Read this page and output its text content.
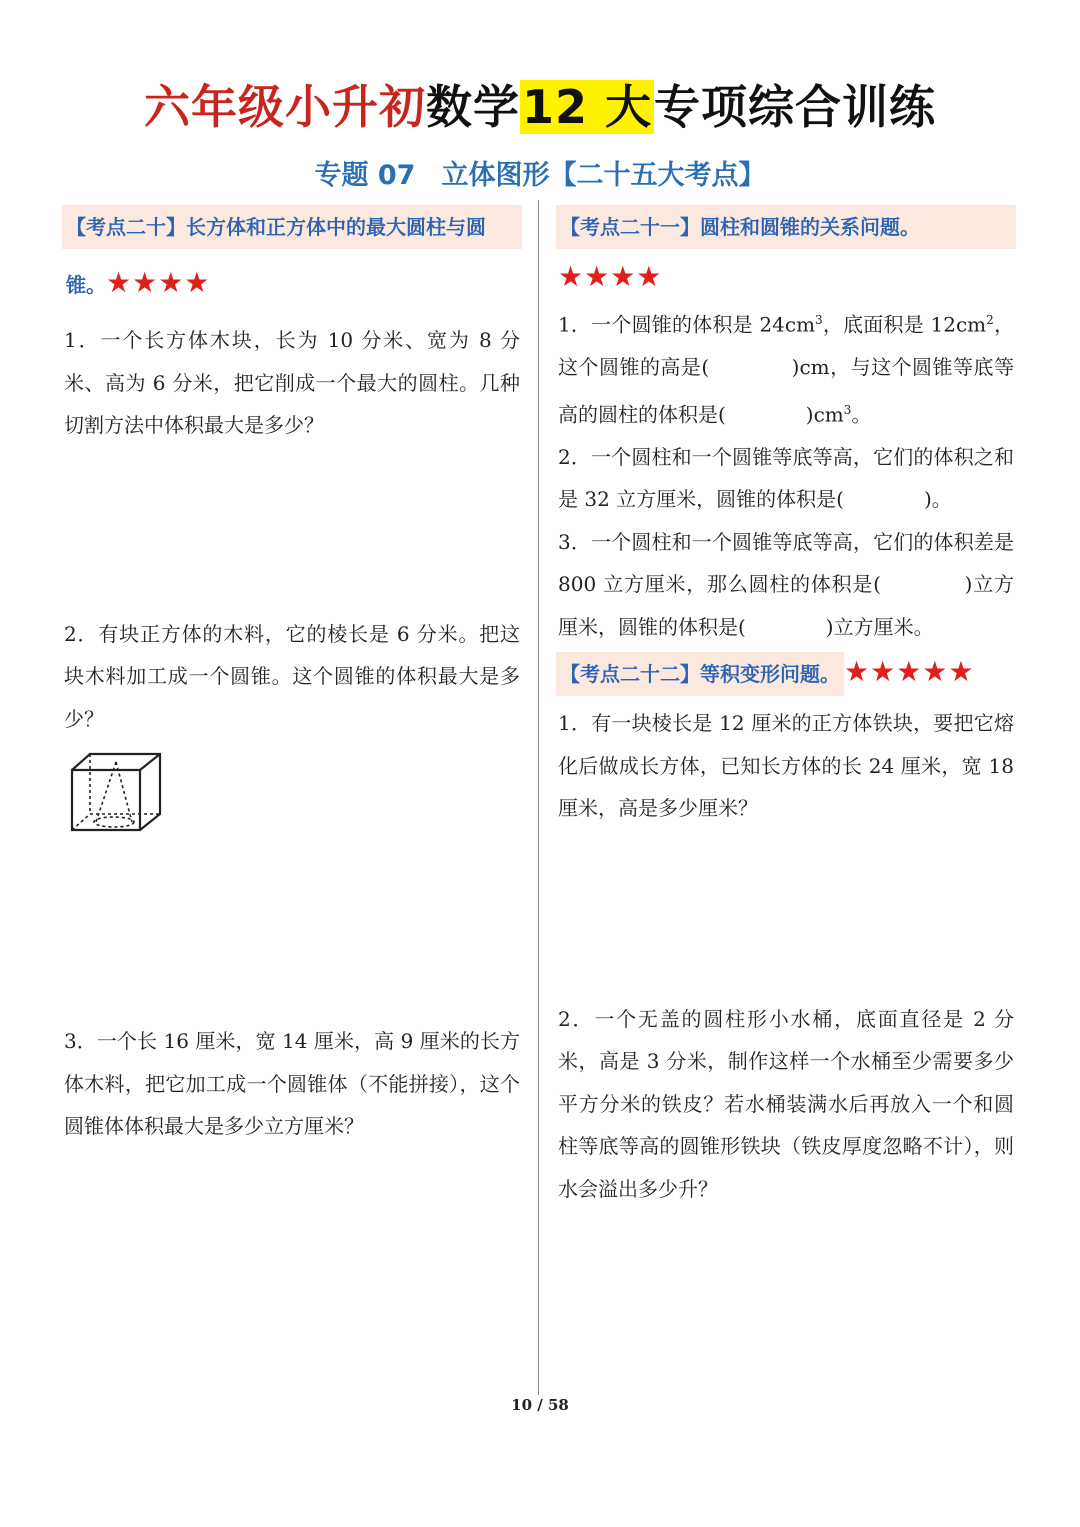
六年级小升初数学12 大专项综合训练
专题 07 立体图形【二十五大考点】
【考点二十】长方体和正方体中的最大圆柱与圆
锥。★★★★

1．一个长方体木块，长为 10 分米、宽为 8 分米、高为 6 分米，把它削成一个最大的圆柱。几种切割方法中体积最大是多少？

2．有块正方体的木料，它的棱长是 6 分米。把这块木料加工成一个圆锥。这个圆锥的体积最大是多少？

3．一个长 16 厘米，宽 14 厘米，高 9 厘米的长方体木料，把它加工成一个圆锥体（不能拼接），这个圆锥体体积最大是多少立方厘米？

【考点二十一】圆柱和圆锥的关系问题。
★★★★

1．一个圆锥的体积是 $24cm^3$，底面积是 $12cm^2$，这个圆锥的高是(　　　　)cm，与这个圆锥等底等高的圆柱的体积是(　　　　)$cm^3$。

2．一个圆柱和一个圆锥等底等高，它们的体积之和是 32 立方厘米，圆锥的体积是(　　　　)。

3．一个圆柱和一个圆锥等底等高，它们的体积差是 800 立方厘米，那么圆柱的体积是(　　　　)立方厘米，圆锥的体积是(　　　　)立方厘米。

【考点二十二】等积变形问题。 ★★★★★

1．有一块棱长是 12 厘米的正方体铁块，要把它熔化后做成长方体，已知长方体的长 24 厘米，宽 18 厘米，高是多少厘米？

2．一个无盖的圆柱形小水桶，底面直径是 2 分米，高是 3 分米，制作这样一个水桶至少需要多少平方分米的铁皮？若水桶装满水后再放入一个和圆柱等底等高的圆锥形铁块（铁皮厚度忽略不计），则水会溢出多少升？

10 / 58
